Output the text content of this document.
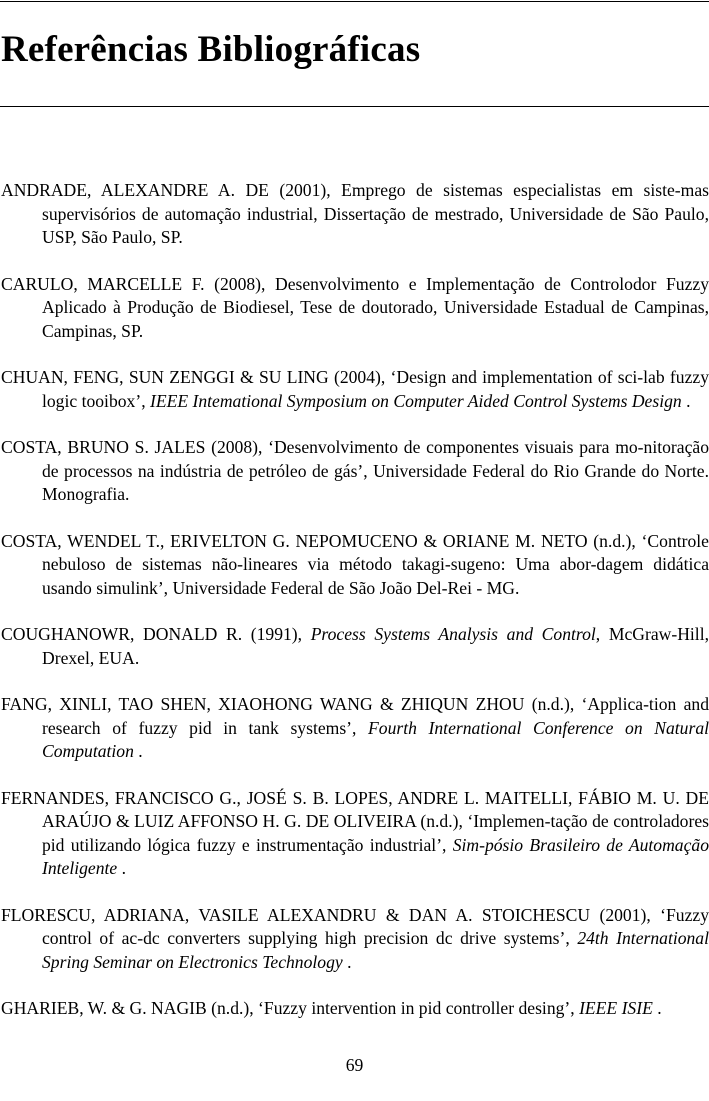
Referências Bibliográficas

ANDRADE, ALEXANDRE A. DE (2001), Emprego de sistemas especialistas em siste-mas supervisórios de automação industrial, Dissertação de mestrado, Universidade de São Paulo, USP, São Paulo, SP.

CARULO, MARCELLE F. (2008), Desenvolvimento e Implementação de Controlodor Fuzzy Aplicado à Produção de Biodiesel, Tese de doutorado, Universidade Estadual de Campinas, Campinas, SP.

CHUAN, FENG, SUN ZENGGI & SU LING (2004), ‘Design and implementation of sci-lab fuzzy logic tooibox’, IEEE Intemational Symposium on Computer Aided Control Systems Design .

COSTA, BRUNO S. JALES (2008), ‘Desenvolvimento de componentes visuais para mo-nitoração de processos na indústria de petróleo de gás’, Universidade Federal do Rio Grande do Norte. Monografia.

COSTA, WENDEL T., ERIVELTON G. NEPOMUCENO & ORIANE M. NETO (n.d.), ‘Controle nebuloso de sistemas não-lineares via método takagi-sugeno: Uma abor-dagem didática usando simulink’, Universidade Federal de São João Del-Rei - MG.

COUGHANOWR, DONALD R. (1991), Process Systems Analysis and Control, McGraw-Hill, Drexel, EUA.

FANG, XINLI, TAO SHEN, XIAOHONG WANG & ZHIQUN ZHOU (n.d.), ‘Applica-tion and research of fuzzy pid in tank systems’, Fourth International Conference on Natural Computation .

FERNANDES, FRANCISCO G., JOSÉ S. B. LOPES, ANDRE L. MAITELLI, FÁBIO M. U. DE ARAÚJO & LUIZ AFFONSO H. G. DE OLIVEIRA (n.d.), ‘Implemen-tação de controladores pid utilizando lógica fuzzy e instrumentação industrial’, Sim-pósio Brasileiro de Automação Inteligente .

FLORESCU, ADRIANA, VASILE ALEXANDRU & DAN A. STOICHESCU (2001), ‘Fuzzy control of ac-dc converters supplying high precision dc drive systems’, 24th International Spring Seminar on Electronics Technology .

GHARIEB, W. & G. NAGIB (n.d.), ‘Fuzzy intervention in pid controller desing’, IEEE ISIE .

69
